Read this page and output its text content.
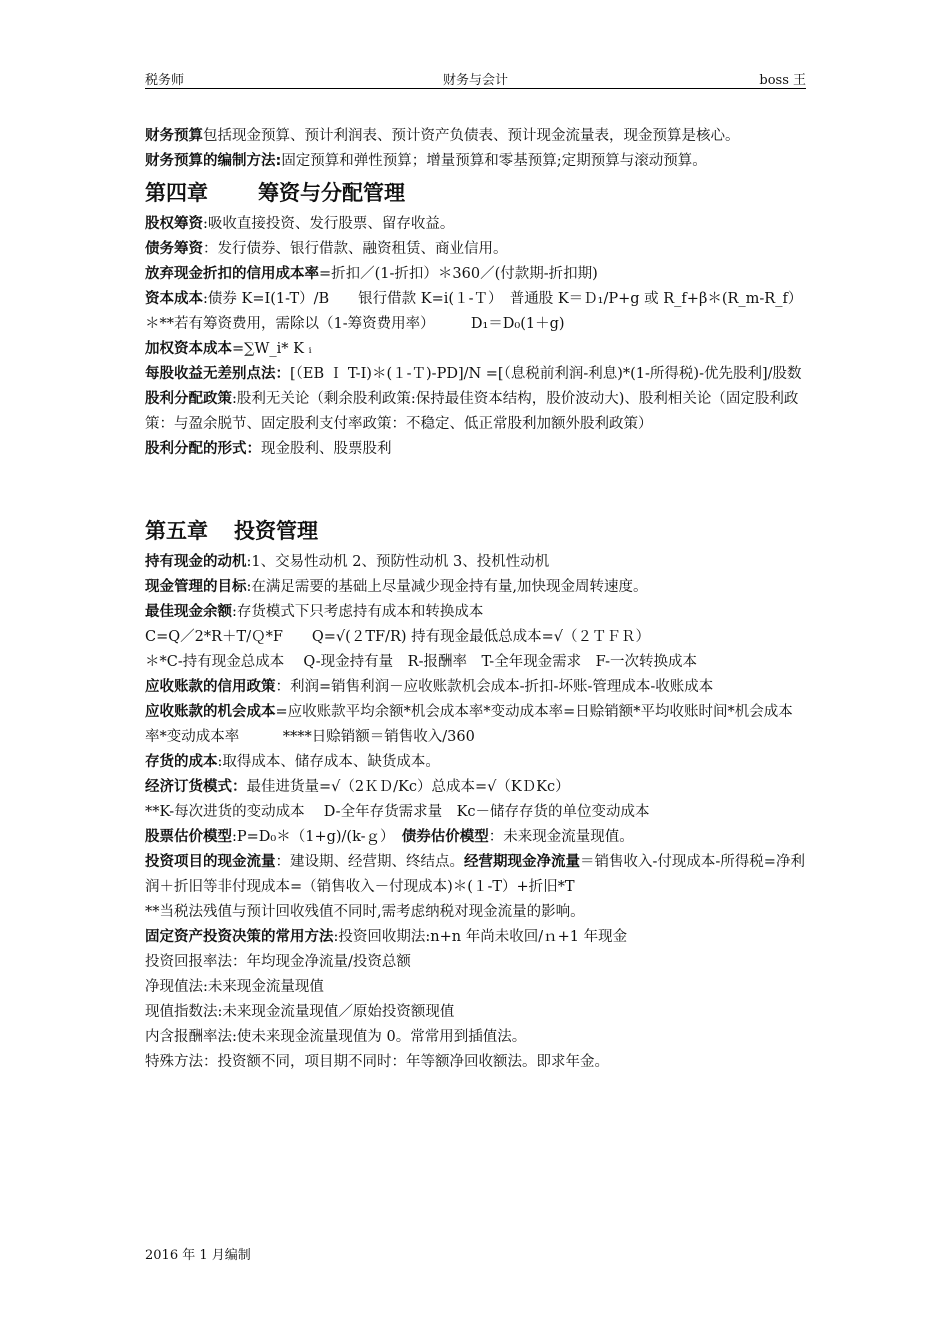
税务师	财务与会计	boss 王

财务预算包括现金预算、预计利润表、预计资产负债表、预计现金流量表，现金预算是核心。

财务预算的编制方法:固定预算和弹性预算；增量预算和零基预算;定期预算与滚动预算。

第四章 筹资与分配管理

股权筹资:吸收直接投资、发行股票、留存收益。

债务筹资：发行债券、银行借款、融资租赁、商业信用。

放弃现金折扣的信用成本率=折扣／(1-折扣）＊360／(付款期-折扣期)

资本成本:债券 K=I(1-T）/B　　银行借款 K=i(１-Ｔ）　普通股 K＝Ｄ₁/P+g 或 R_f+β＊(R_m-R_f）

＊**若有筹资费用，需除以（1-筹资费用率）　　　D₁＝D₀(1＋g)

加权资本成本=∑W_i* K ᵢ

每股收益无差别点法：[（EB Ｉ T-I)＊(１-Ｔ)-PD]/N =[（息税前利润-利息)*(1-所得税)-优先股利]/股数

股利分配政策:股利无关论（剩余股利政策:保持最佳资本结构，股价波动大)、股利相关论（固定股利政策：与盈余脱节、固定股利支付率政策：不稳定、低正常股利加额外股利政策）

股利分配的形式：现金股利、股票股利

第五章 投资管理

持有现金的动机:1、交易性动机 2、预防性动机 3、投机性动机

现金管理的目标:在满足需要的基础上尽量减少现金持有量,加快现金周转速度。

最佳现金余额:存货模式下只考虑持有成本和转换成本

C=Q／2*R＋T/Ｑ*F　　Q=√(２TF/R) 持有现金最低总成本=√（２ＴＦＲ）

＊*C-持有现金总成本　 Q-现金持有量　R-报酬率　T-全年现金需求　F-一次转换成本

应收账款的信用政策：利润=销售利润－应收账款机会成本-折扣-坏账-管理成本-收账成本

应收账款的机会成本=应收账款平均余额*机会成本率*变动成本率=日赊销额*平均收账时间*机会成本率*变动成本率　　　****日赊销额＝销售收入/360

存货的成本:取得成本、储存成本、缺货成本。

经济订货模式：最佳进货量=√（2ＫＤ/Kc）总成本=√（KＤKc）

**K-每次进货的变动成本　 D-全年存货需求量　Kc－储存存货的单位变动成本

股票估价模型:P=D₀＊（1+g)/(k-ｇ）　债券估价模型：未来现金流量现值。

投资项目的现金流量：建设期、经营期、终结点。经营期现金净流量＝销售收入-付现成本-所得税=净利润＋折旧等非付现成本=（销售收入－付现成本)＊(１-T）+折旧*T

**当税法残值与预计回收残值不同时,需考虑纳税对现金流量的影响。

固定资产投资决策的常用方法:投资回收期法:n+n 年尚未收回/ｎ+1 年现金

投资回报率法：年均现金净流量/投资总额

净现值法:未来现金流量现值

现值指数法:未来现金流量现值／原始投资额现值

内含报酬率法:使未来现金流量现值为 0。常常用到插值法。

特殊方法：投资额不同，项目期不同时：年等额净回收额法。即求年金。

2016 年 1 月编制
